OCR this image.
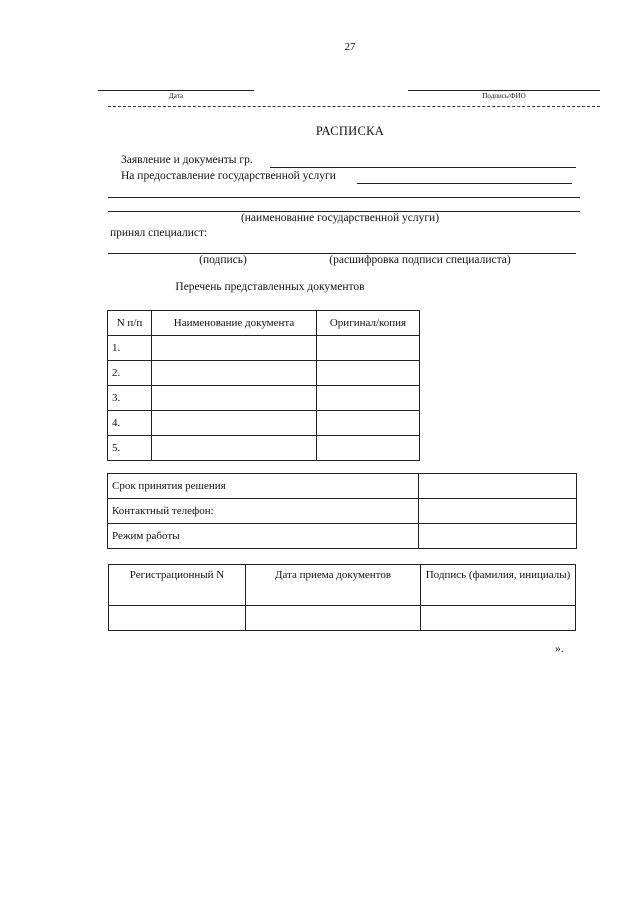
27
Дата	Подпись/ФИО
РАСПИСКА
Заявление и документы гр.
На предоставление государственной услуги
(наименование государственной услуги)
принял специалист:
(подпись)	(расшифровка подписи специалиста)
Перечень представленных документов
N п/п	Наименование документа	Оригинал/копия
1.		
2.		
3.		
4.		
5.		
Срок принятия решения	
Контактный телефон:	
Режим работы	
Регистрационный N	Дата приема документов	Подпись (фамилия, инициалы)

».
